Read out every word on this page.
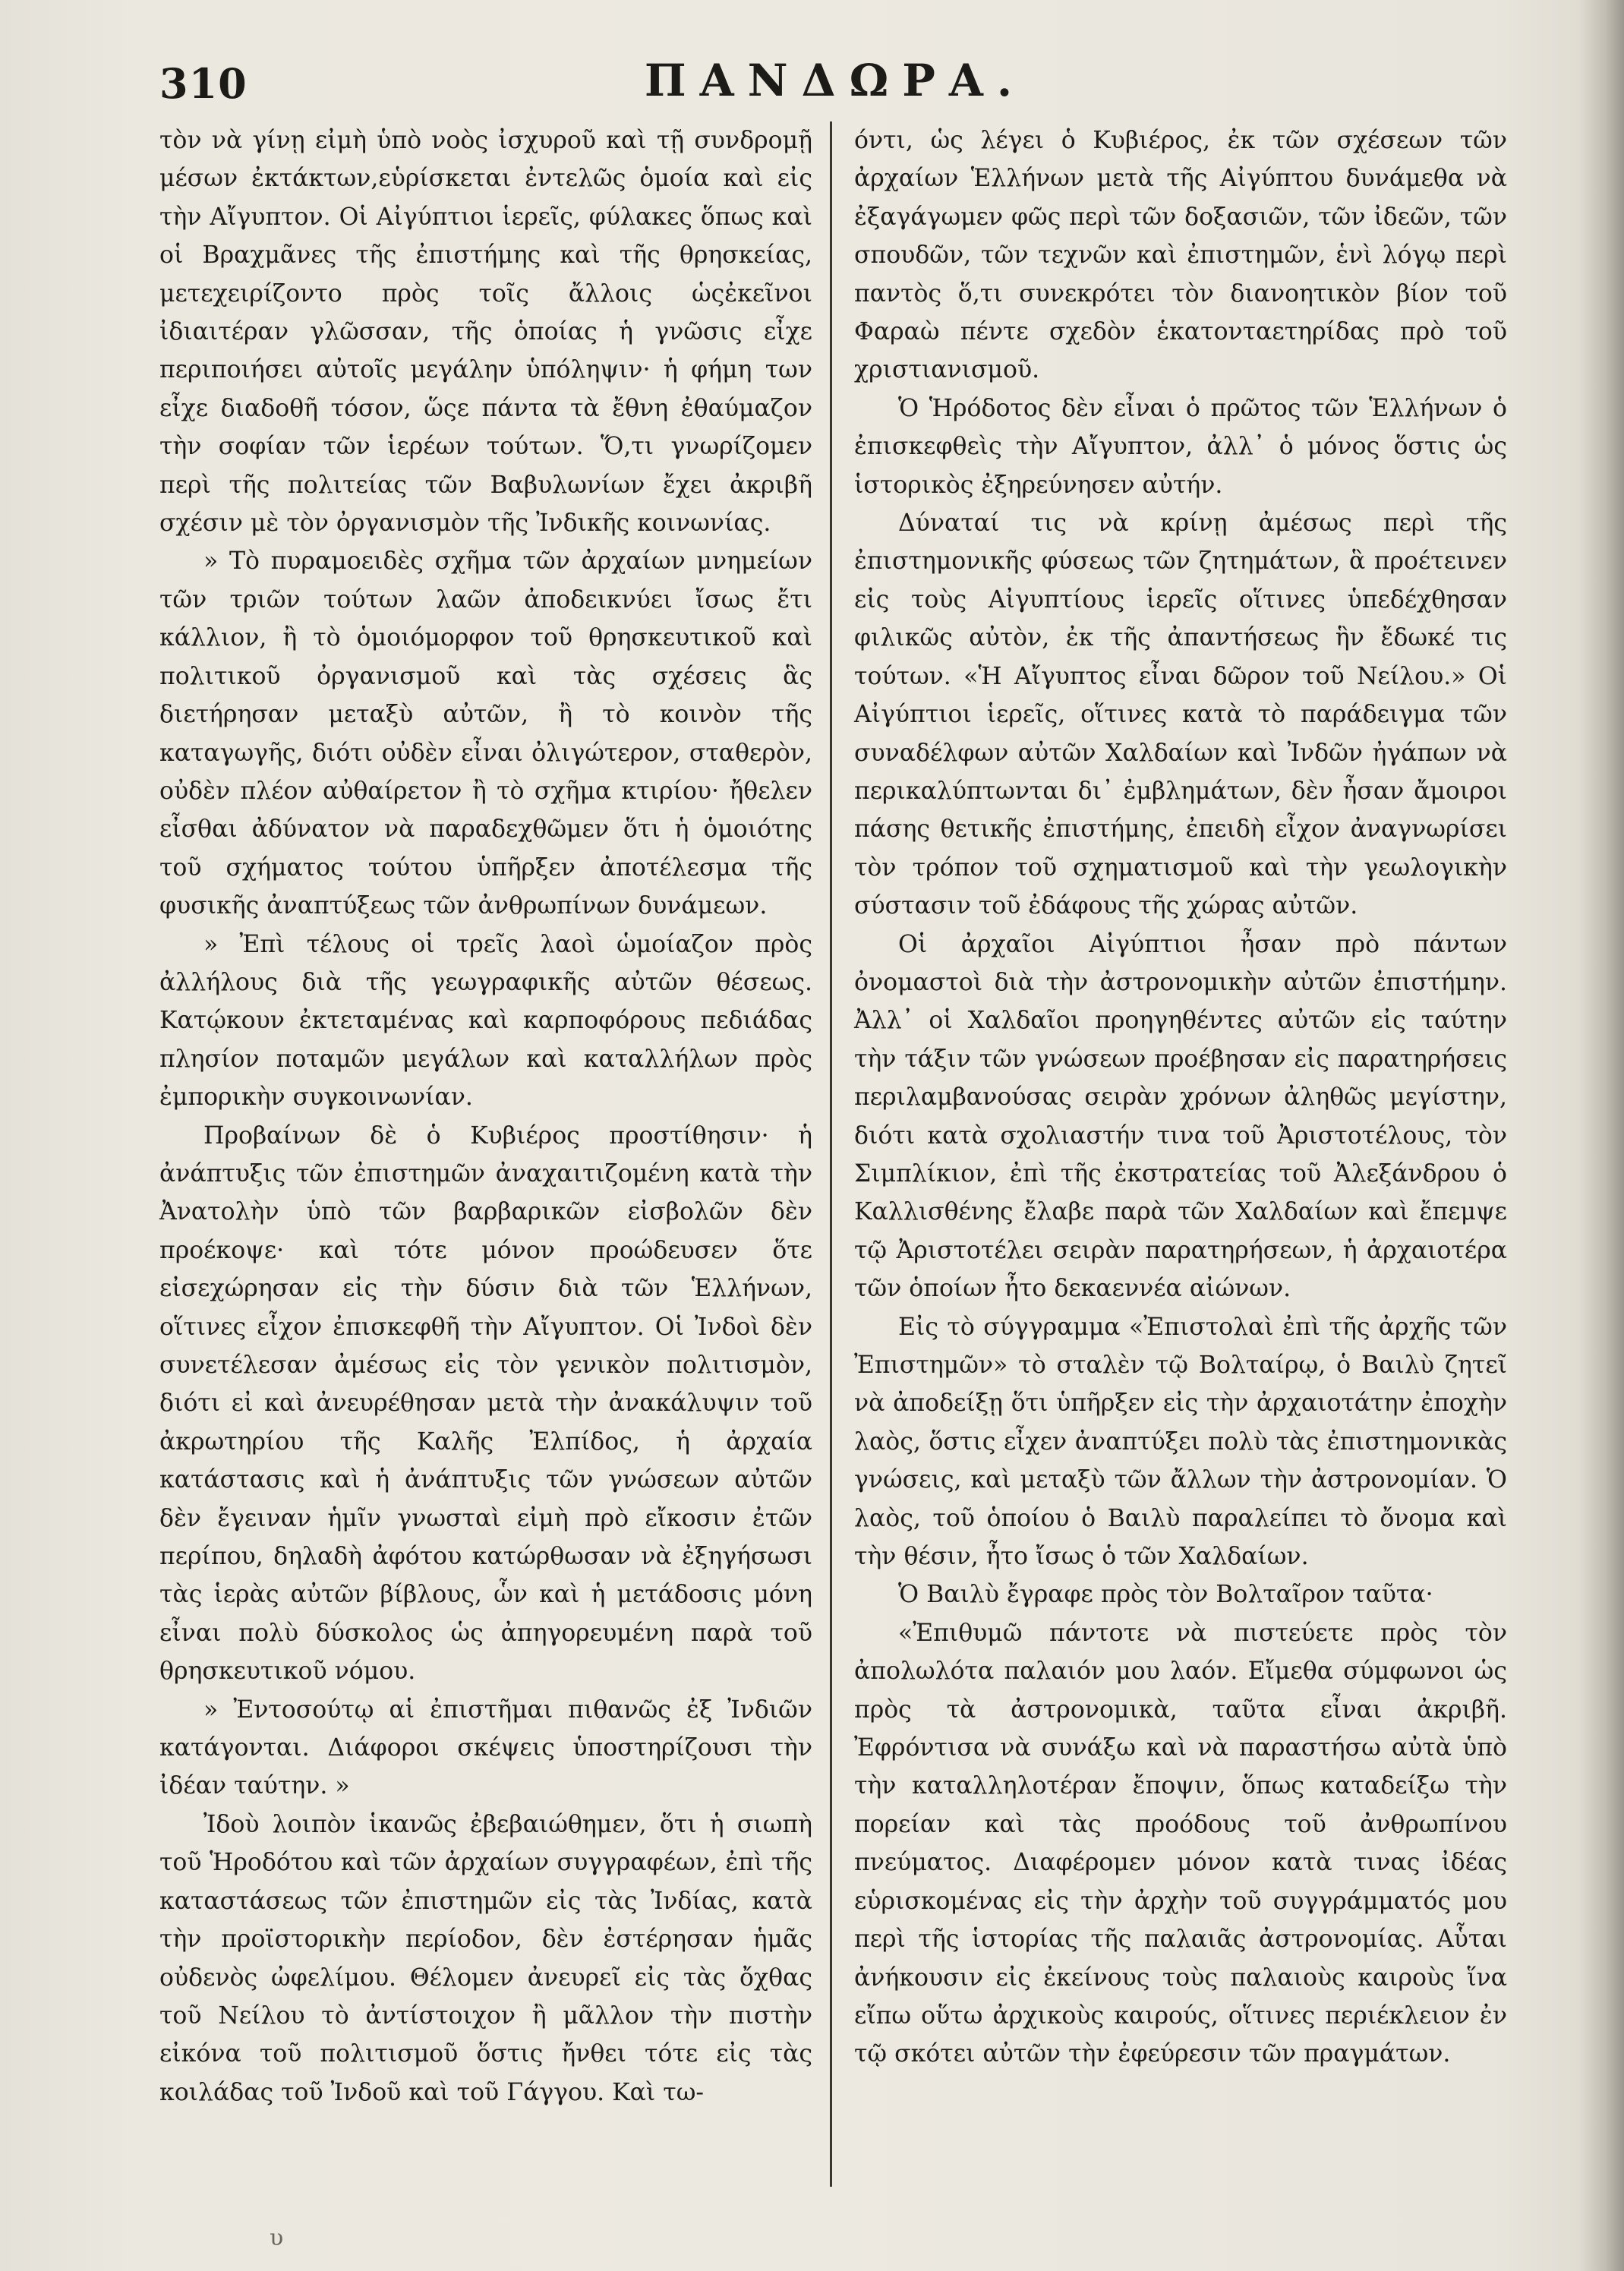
310	ΠΑΝΔΩΡΑ.

τὸν νὰ γίνῃ εἰμὴ ὑπὸ νοὸς ἰσχυροῦ καὶ τῇ συνδρομῇ μέσων ἐκτάκτων,εὑρίσκεται ἐντελῶς ὁμοία καὶ εἰς τὴν Αἴγυπτον. Οἱ Αἰγύπτιοι ἱερεῖς, φύλακες ὅπως καὶ οἱ Βραχμᾶνες τῆς ἐπιστήμης καὶ τῆς θρησκείας, μετεχειρίζοντο πρὸς τοῖς ἄλλοις ὡςἐκεῖνοι ἰδιαιτέραν γλῶσσαν, τῆς ὁποίας ἡ γνῶσις εἶχε περιποιήσει αὐτοῖς μεγάλην ὑπόληψιν· ἡ φήμη των εἶχε διαδοθῆ τόσον, ὥςε πάντα τὰ ἔθνη ἐθαύμαζον τὴν σοφίαν τῶν ἱερέων τούτων. Ὅ,τι γνωρίζομεν περὶ τῆς πολιτείας τῶν Βαβυλωνίων ἔχει ἀκριβῆ σχέσιν μὲ τὸν ὀργανισμὸν τῆς Ἰνδικῆς κοινωνίας.

» Τὸ πυραμοειδὲς σχῆμα τῶν ἀρχαίων μνημείων τῶν τριῶν τούτων λαῶν ἀποδεικνύει ἴσως ἔτι κάλλιον, ἢ τὸ ὁμοιόμορφον τοῦ θρησκευτικοῦ καὶ πολιτικοῦ ὀργανισμοῦ καὶ τὰς σχέσεις ἃς διετήρησαν μεταξὺ αὐτῶν, ἢ τὸ κοινὸν τῆς καταγωγῆς, διότι οὐδὲν εἶναι ὀλιγώτερον, σταθερὸν, οὐδὲν πλέον αὐθαίρετον ἢ τὸ σχῆμα κτιρίου· ἤθελεν εἶσθαι ἀδύνατον νὰ παραδεχθῶμεν ὅτι ἡ ὁμοιότης τοῦ σχήματος τούτου ὑπῆρξεν ἀποτέλεσμα τῆς φυσικῆς ἀναπτύξεως τῶν ἀνθρωπίνων δυνάμεων.

» Ἐπὶ τέλους οἱ τρεῖς λαοὶ ὡμοίαζον πρὸς ἀλλήλους διὰ τῆς γεωγραφικῆς αὐτῶν θέσεως. Κατῴκουν ἐκτεταμένας καὶ καρποφόρους πεδιάδας πλησίον ποταμῶν μεγάλων καὶ καταλλήλων πρὸς ἐμπορικὴν συγκοινωνίαν.

Προβαίνων δὲ ὁ Κυβιέρος προστίθησιν· ἡ ἀνάπτυξις τῶν ἐπιστημῶν ἀναχαιτιζομένη κατὰ τὴν Ἀνατολὴν ὑπὸ τῶν βαρβαρικῶν εἰσβολῶν δὲν προέκοψε· καὶ τότε μόνον προώδευσεν ὅτε εἰσεχώρησαν εἰς τὴν δύσιν διὰ τῶν Ἑλλήνων, οἵτινες εἶχον ἐπισκεφθῆ τὴν Αἴγυπτον. Οἱ Ἰνδοὶ δὲν συνετέλεσαν ἀμέσως εἰς τὸν γενικὸν πολιτισμὸν, διότι εἰ καὶ ἀνευρέθησαν μετὰ τὴν ἀνακάλυψιν τοῦ ἀκρωτηρίου τῆς Καλῆς Ἐλπίδος, ἡ ἀρχαία κατάστασις καὶ ἡ ἀνάπτυξις τῶν γνώσεων αὐτῶν δὲν ἔγειναν ἡμῖν γνωσταὶ εἰμὴ πρὸ εἴκοσιν ἐτῶν περίπου, δηλαδὴ ἀφότου κατώρθωσαν νὰ ἐξηγήσωσι τὰς ἱερὰς αὐτῶν βίβλους, ὧν καὶ ἡ μετάδοσις μόνη εἶναι πολὺ δύσκολος ὡς ἀπηγορευμένη παρὰ τοῦ θρησκευτικοῦ νόμου.

» Ἐντοσούτῳ αἱ ἐπιστῆμαι πιθανῶς ἐξ Ἰνδιῶν κατάγονται. Διάφοροι σκέψεις ὑποστηρίζουσι τὴν ἰδέαν ταύτην. »

Ἰδοὺ λοιπὸν ἱκανῶς ἐβεβαιώθημεν, ὅτι ἡ σιωπὴ τοῦ Ἡροδότου καὶ τῶν ἀρχαίων συγγραφέων, ἐπὶ τῆς καταστάσεως τῶν ἐπιστημῶν εἰς τὰς Ἰνδίας, κατὰ τὴν προϊστορικὴν περίοδον, δὲν ἐστέρησαν ἡμᾶς οὐδενὸς ὠφελίμου. Θέλομεν ἀνευρεῖ εἰς τὰς ὄχθας τοῦ Νείλου τὸ ἀντίστοιχον ἢ μᾶλλον τὴν πιστὴν εἰκόνα τοῦ πολιτισμοῦ ὅστις ἤνθει τότε εἰς τὰς κοιλάδας τοῦ Ἰνδοῦ καὶ τοῦ Γάγγου. Καὶ τω-

όντι, ὡς λέγει ὁ Κυβιέρος, ἐκ τῶν σχέσεων τῶν ἀρχαίων Ἑλλήνων μετὰ τῆς Αἰγύπτου δυνάμεθα νὰ ἐξαγάγωμεν φῶς περὶ τῶν δοξασιῶν, τῶν ἰδεῶν, τῶν σπουδῶν, τῶν τεχνῶν καὶ ἐπιστημῶν, ἑνὶ λόγῳ περὶ παντὸς ὅ,τι συνεκρότει τὸν διανοητικὸν βίον τοῦ Φαραὼ πέντε σχεδὸν ἑκατονταετηρίδας πρὸ τοῦ χριστιανισμοῦ.

Ὁ Ἡρόδοτος δὲν εἶναι ὁ πρῶτος τῶν Ἑλλήνων ὁ ἐπισκεφθεὶς τὴν Αἴγυπτον, ἀλλ᾽ ὁ μόνος ὅστις ὡς ἱστορικὸς ἐξηρεύνησεν αὐτήν.

Δύναταί τις νὰ κρίνῃ ἀμέσως περὶ τῆς ἐπιστημονικῆς φύσεως τῶν ζητημάτων, ἃ προέτεινεν εἰς τοὺς Αἰγυπτίους ἱερεῖς οἵτινες ὑπεδέχθησαν φιλικῶς αὐτὸν, ἐκ τῆς ἀπαντήσεως ἣν ἔδωκέ τις τούτων. «Ἡ Αἴγυπτος εἶναι δῶρον τοῦ Νείλου.» Οἱ Αἰγύπτιοι ἱερεῖς, οἵτινες κατὰ τὸ παράδειγμα τῶν συναδέλφων αὐτῶν Χαλδαίων καὶ Ἰνδῶν ἠγάπων νὰ περικαλύπτωνται δι᾽ ἐμβλημάτων, δὲν ἦσαν ἄμοιροι πάσης θετικῆς ἐπιστήμης, ἐπειδὴ εἶχον ἀναγνωρίσει τὸν τρόπον τοῦ σχηματισμοῦ καὶ τὴν γεωλογικὴν σύστασιν τοῦ ἐδάφους τῆς χώρας αὐτῶν.

Οἱ ἀρχαῖοι Αἰγύπτιοι ἦσαν πρὸ πάντων ὀνομαστοὶ διὰ τὴν ἀστρονομικὴν αὐτῶν ἐπιστήμην. Ἀλλ᾽ οἱ Χαλδαῖοι προηγηθέντες αὐτῶν εἰς ταύτην τὴν τάξιν τῶν γνώσεων προέβησαν εἰς παρατηρήσεις περιλαμβανούσας σειρὰν χρόνων ἀληθῶς μεγίστην, διότι κατὰ σχολιαστήν τινα τοῦ Ἀριστοτέλους, τὸν Σιμπλίκιον, ἐπὶ τῆς ἐκστρατείας τοῦ Ἀλεξάνδρου ὁ Καλλισθένης ἔλαβε παρὰ τῶν Χαλδαίων καὶ ἔπεμψε τῷ Ἀριστοτέλει σειρὰν παρατηρήσεων, ἡ ἀρχαιοτέρα τῶν ὁποίων ἦτο δεκαεννέα αἰώνων.

Εἰς τὸ σύγγραμμα «Ἐπιστολαὶ ἐπὶ τῆς ἀρχῆς τῶν Ἐπιστημῶν» τὸ σταλὲν τῷ Βολταίρῳ, ὁ Βαιλὺ ζητεῖ νὰ ἀποδείξῃ ὅτι ὑπῆρξεν εἰς τὴν ἀρχαιοτάτην ἐποχὴν λαὸς, ὅστις εἶχεν ἀναπτύξει πολὺ τὰς ἐπιστημονικὰς γνώσεις, καὶ μεταξὺ τῶν ἄλλων τὴν ἀστρονομίαν. Ὁ λαὸς, τοῦ ὁποίου ὁ Βαιλὺ παραλείπει τὸ ὄνομα καὶ τὴν θέσιν, ἦτο ἴσως ὁ τῶν Χαλδαίων.

Ὁ Βαιλὺ ἔγραφε πρὸς τὸν Βολταῖρον ταῦτα·

«Ἐπιθυμῶ πάντοτε νὰ πιστεύετε πρὸς τὸν ἀπολωλότα παλαιόν μου λαόν. Εἴμεθα σύμφωνοι ὡς πρὸς τὰ ἀστρονομικὰ, ταῦτα εἶναι ἀκριβῆ. Ἐφρόντισα νὰ συνάξω καὶ νὰ παραστήσω αὐτὰ ὑπὸ τὴν καταλληλοτέραν ἔποψιν, ὅπως καταδείξω τὴν πορείαν καὶ τὰς προόδους τοῦ ἀνθρωπίνου πνεύματος. Διαφέρομεν μόνον κατὰ τινας ἰδέας εὑρισκομένας εἰς τὴν ἀρχὴν τοῦ συγγράμματός μου περὶ τῆς ἱστορίας τῆς παλαιᾶς ἀστρονομίας. Αὗται ἀνήκουσιν εἰς ἐκείνους τοὺς παλαιοὺς καιροὺς ἵνα εἴπω οὕτω ἀρχικοὺς καιρούς, οἵτινες περιέκλειον ἐν τῷ σκότει αὐτῶν τὴν ἐφεύρεσιν τῶν πραγμάτων.

υ
